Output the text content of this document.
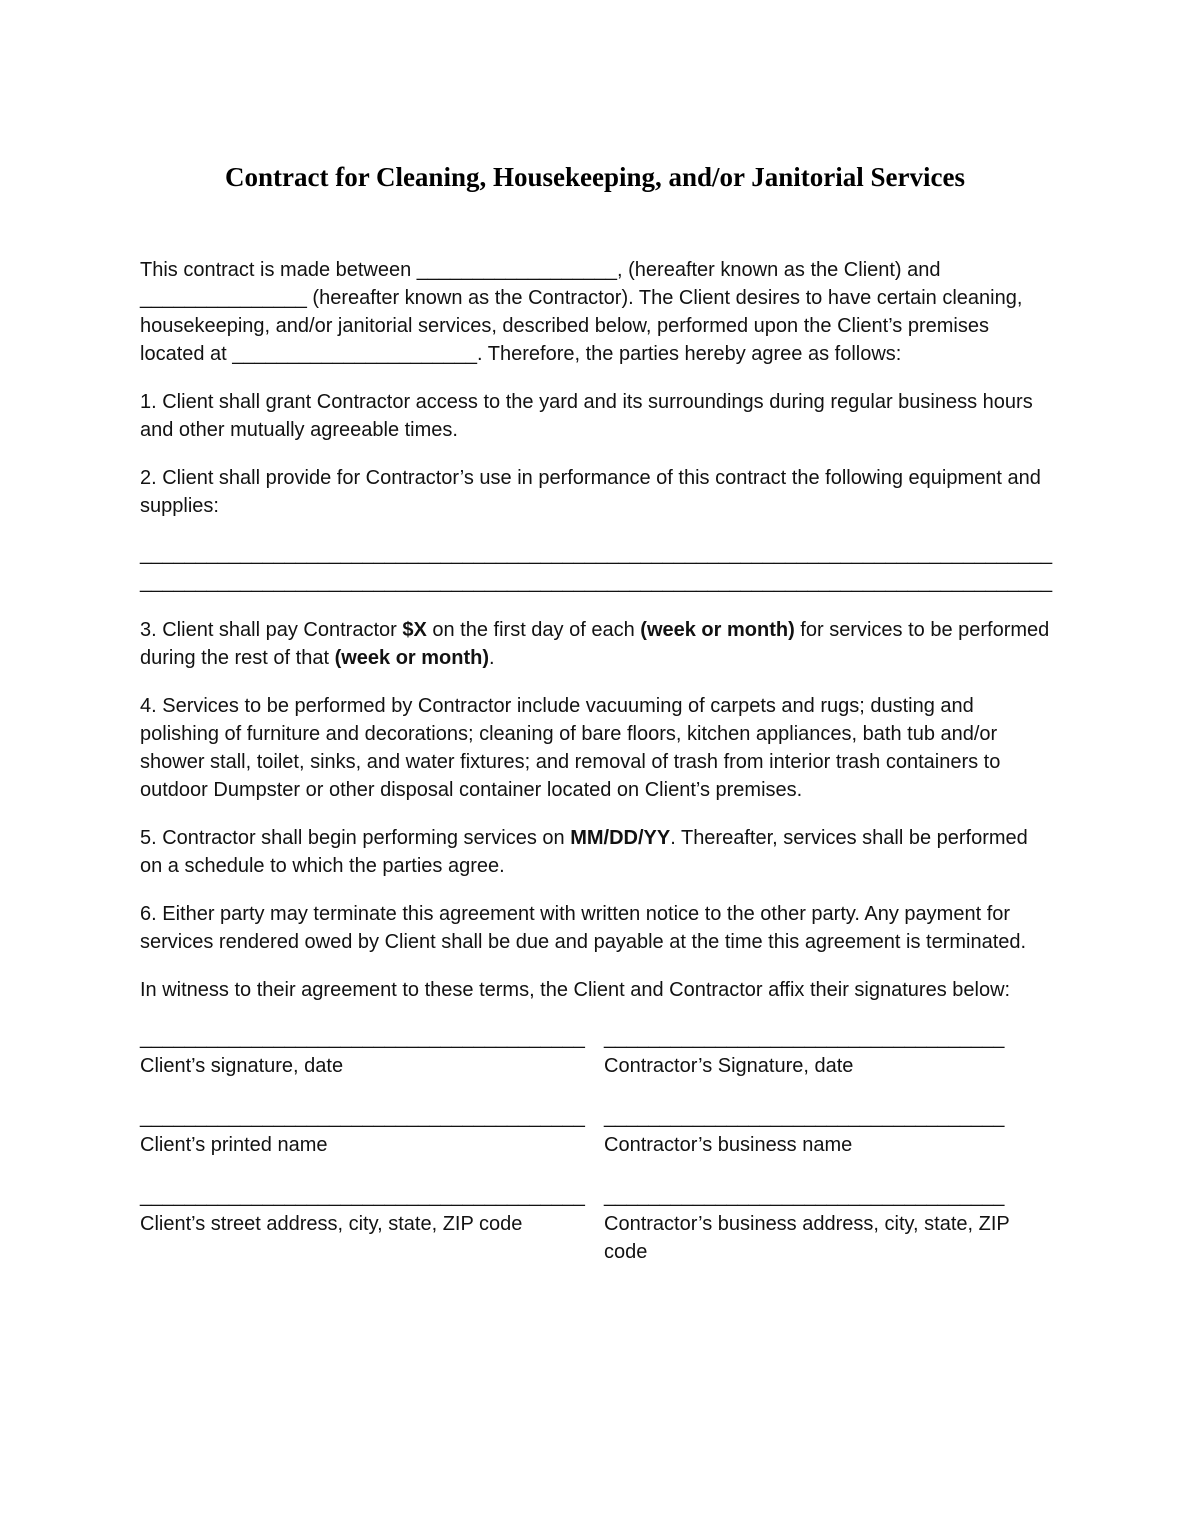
Contract for Cleaning, Housekeeping, and/or Janitorial Services

This contract is made between __________________, (hereafter known as the Client) and _______________ (hereafter known as the Contractor). The Client desires to have certain cleaning, housekeeping, and/or janitorial services, described below, performed upon the Client’s premises located at ______________________. Therefore, the parties hereby agree as follows:

1. Client shall grant Contractor access to the yard and its surroundings during regular business hours and other mutually agreeable times.

2. Client shall provide for Contractor’s use in performance of this contract the following equipment and supplies:

__________________________________________________________________________________
__________________________________________________________________________________

3. Client shall pay Contractor $X on the first day of each (week or month) for services to be performed during the rest of that (week or month).

4. Services to be performed by Contractor include vacuuming of carpets and rugs; dusting and polishing of furniture and decorations; cleaning of bare floors, kitchen appliances, bath tub and/or shower stall, toilet, sinks, and water fixtures; and removal of trash from interior trash containers to outdoor Dumpster or other disposal container located on Client’s premises.

5. Contractor shall begin performing services on MM/DD/YY. Thereafter, services shall be performed on a schedule to which the parties agree.

6. Either party may terminate this agreement with written notice to the other party. Any payment for services rendered owed by Client shall be due and payable at the time this agreement is terminated.

In witness to their agreement to these terms, the Client and Contractor affix their signatures below:

________________________________________
Client’s signature, date
____________________________________
Contractor’s Signature, date
________________________________________
Client’s printed name
____________________________________
Contractor’s business name
________________________________________
Client’s street address, city, state, ZIP code
____________________________________
Contractor’s business address, city, state, ZIP code
